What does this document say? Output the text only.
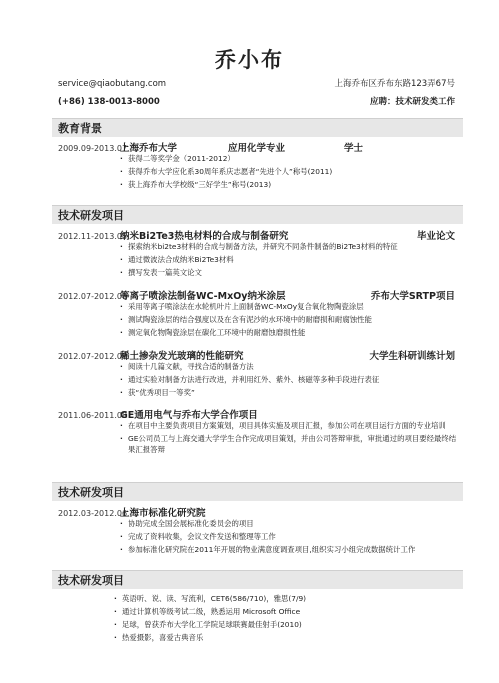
乔小布
service@qiaobutang.com	上海乔布区乔布东路123弄67号
(+86) 138-0013-8000	应聘：技术研发类工作
教育背景
2009.09-2013.07
上海乔布大学	应用化学专业	学士
· 获得二等奖学金（2011-2012）
· 获得乔布大学应化系30周年系庆志愿者“先进个人”称号(2011)
· 获上海乔布大学校级“三好学生”称号(2013)
技术研发项目
2012.11-2013.05
纳米Bi2Te3热电材料的合成与制备研究	毕业论文
· 探索纳米bi2te3材料的合成与制备方法，并研究不同条件制备的Bi2Te3材料的特征
· 通过微波法合成纳米Bi2Te3材料
· 撰写发表一篇英文论文
2012.07-2012.08
等离子喷涂法制备WC-MxOy纳米涂层	乔布大学SRTP项目
· 采用等离子喷涂法在水轮机叶片上面制备WC-MxOy复合氧化物陶瓷涂层
· 测试陶瓷涂层的结合强度以及在含有泥沙的水环境中的耐磨损和耐腐蚀性能
· 测定氧化物陶瓷涂层在碳化工环境中的耐磨蚀磨损性能
2012.07-2012.08
稀土掺杂发光玻璃的性能研究	大学生科研训练计划
· 阅读十几篇文献，寻找合适的制备方法
· 通过实验对制备方法进行改进，并利用红外、紫外、核磁等多种手段进行表征
· 获“优秀项目一等奖”
2011.06-2011.08
GE通用电气与乔布大学合作项目
· 在项目中主要负责项目方案策划，项目具体实施及项目汇报，参加公司在项目运行方面的专业培训
· GE公司员工与上海交通大学学生合作完成项目策划，并由公司答辩审批，审批通过的项目要经最终结果汇报答辩
技术研发项目
2012.03-2012.06
上海市标准化研究院
· 协助完成全国会展标准化委员会的项目
· 完成了资料收集，会议文件发送和整理等工作
· 参加标准化研究院在2011年开展的物业满意度调查项目,组织实习小组完成数据统计工作
技术研发项目
· 英语听、说、读、写流利，CET6(586/710)，雅思(7/9)
· 通过计算机等级考试二级，熟悉运用 Microsoft Office
· 足球，曾获乔布大学化工学院足球联赛最佳射手(2010)
· 热爱摄影，喜爱古典音乐
